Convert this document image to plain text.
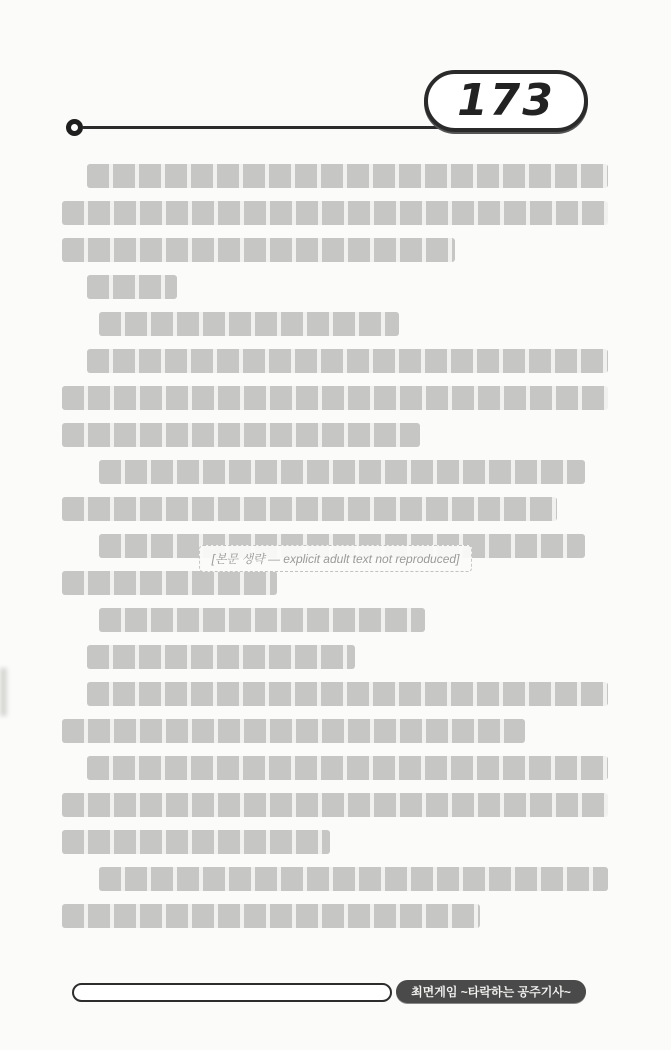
173
[본문 생략 — explicit adult text not reproduced]
최면게임 ~타락하는 공주기사~
